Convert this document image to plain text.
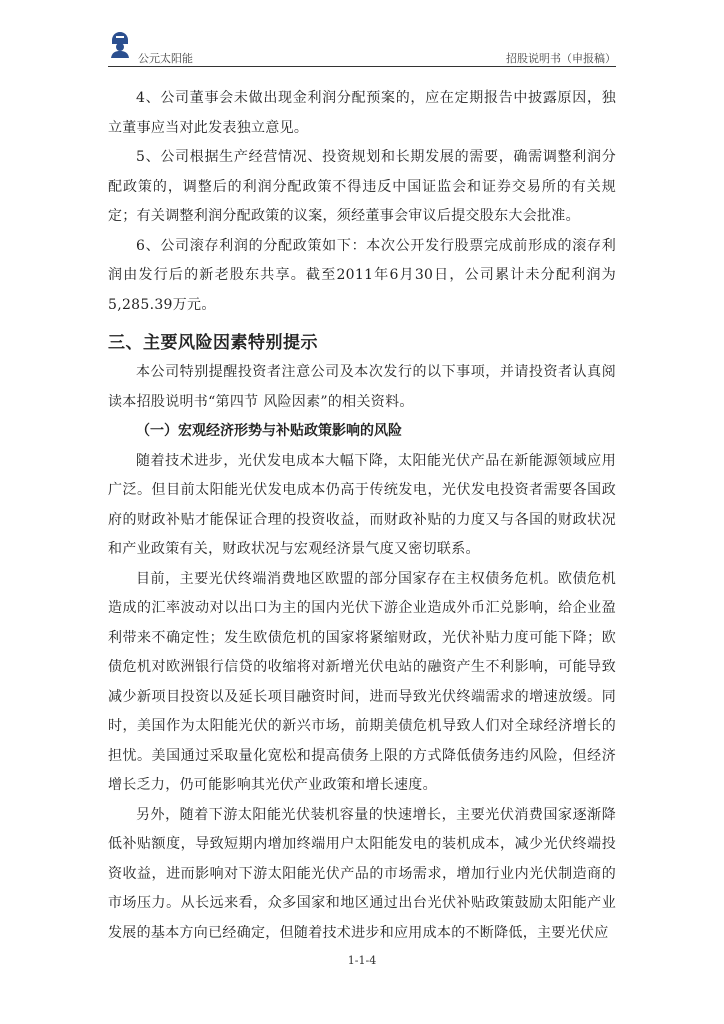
公元太阳能	招股说明书（申报稿）

4、公司董事会未做出现金利润分配预案的，应在定期报告中披露原因，独立董事应当对此发表独立意见。

5、公司根据生产经营情况、投资规划和长期发展的需要，确需调整利润分配政策的，调整后的利润分配政策不得违反中国证监会和证券交易所的有关规定；有关调整利润分配政策的议案，须经董事会审议后提交股东大会批准。

6、公司滚存利润的分配政策如下：本次公开发行股票完成前形成的滚存利润由发行后的新老股东共享。截至2011年6月30日，公司累计未分配利润为5,285.39万元。

三、主要风险因素特别提示

本公司特别提醒投资者注意公司及本次发行的以下事项，并请投资者认真阅读本招股说明书“第四节 风险因素”的相关资料。

（一）宏观经济形势与补贴政策影响的风险

随着技术进步，光伏发电成本大幅下降，太阳能光伏产品在新能源领域应用广泛。但目前太阳能光伏发电成本仍高于传统发电，光伏发电投资者需要各国政府的财政补贴才能保证合理的投资收益，而财政补贴的力度又与各国的财政状况和产业政策有关，财政状况与宏观经济景气度又密切联系。

目前，主要光伏终端消费地区欧盟的部分国家存在主权债务危机。欧债危机造成的汇率波动对以出口为主的国内光伏下游企业造成外币汇兑影响，给企业盈利带来不确定性；发生欧债危机的国家将紧缩财政，光伏补贴力度可能下降；欧债危机对欧洲银行信贷的收缩将对新增光伏电站的融资产生不利影响，可能导致减少新项目投资以及延长项目融资时间，进而导致光伏终端需求的增速放缓。同时，美国作为太阳能光伏的新兴市场，前期美债危机导致人们对全球经济增长的担忧。美国通过采取量化宽松和提高债务上限的方式降低债务违约风险，但经济增长乏力，仍可能影响其光伏产业政策和增长速度。

另外，随着下游太阳能光伏装机容量的快速增长，主要光伏消费国家逐渐降低补贴额度，导致短期内增加终端用户太阳能发电的装机成本，减少光伏终端投资收益，进而影响对下游太阳能光伏产品的市场需求，增加行业内光伏制造商的市场压力。从长远来看，众多国家和地区通过出台光伏补贴政策鼓励太阳能产业发展的基本方向已经确定，但随着技术进步和应用成本的不断降低，主要光伏应

1-1-4
